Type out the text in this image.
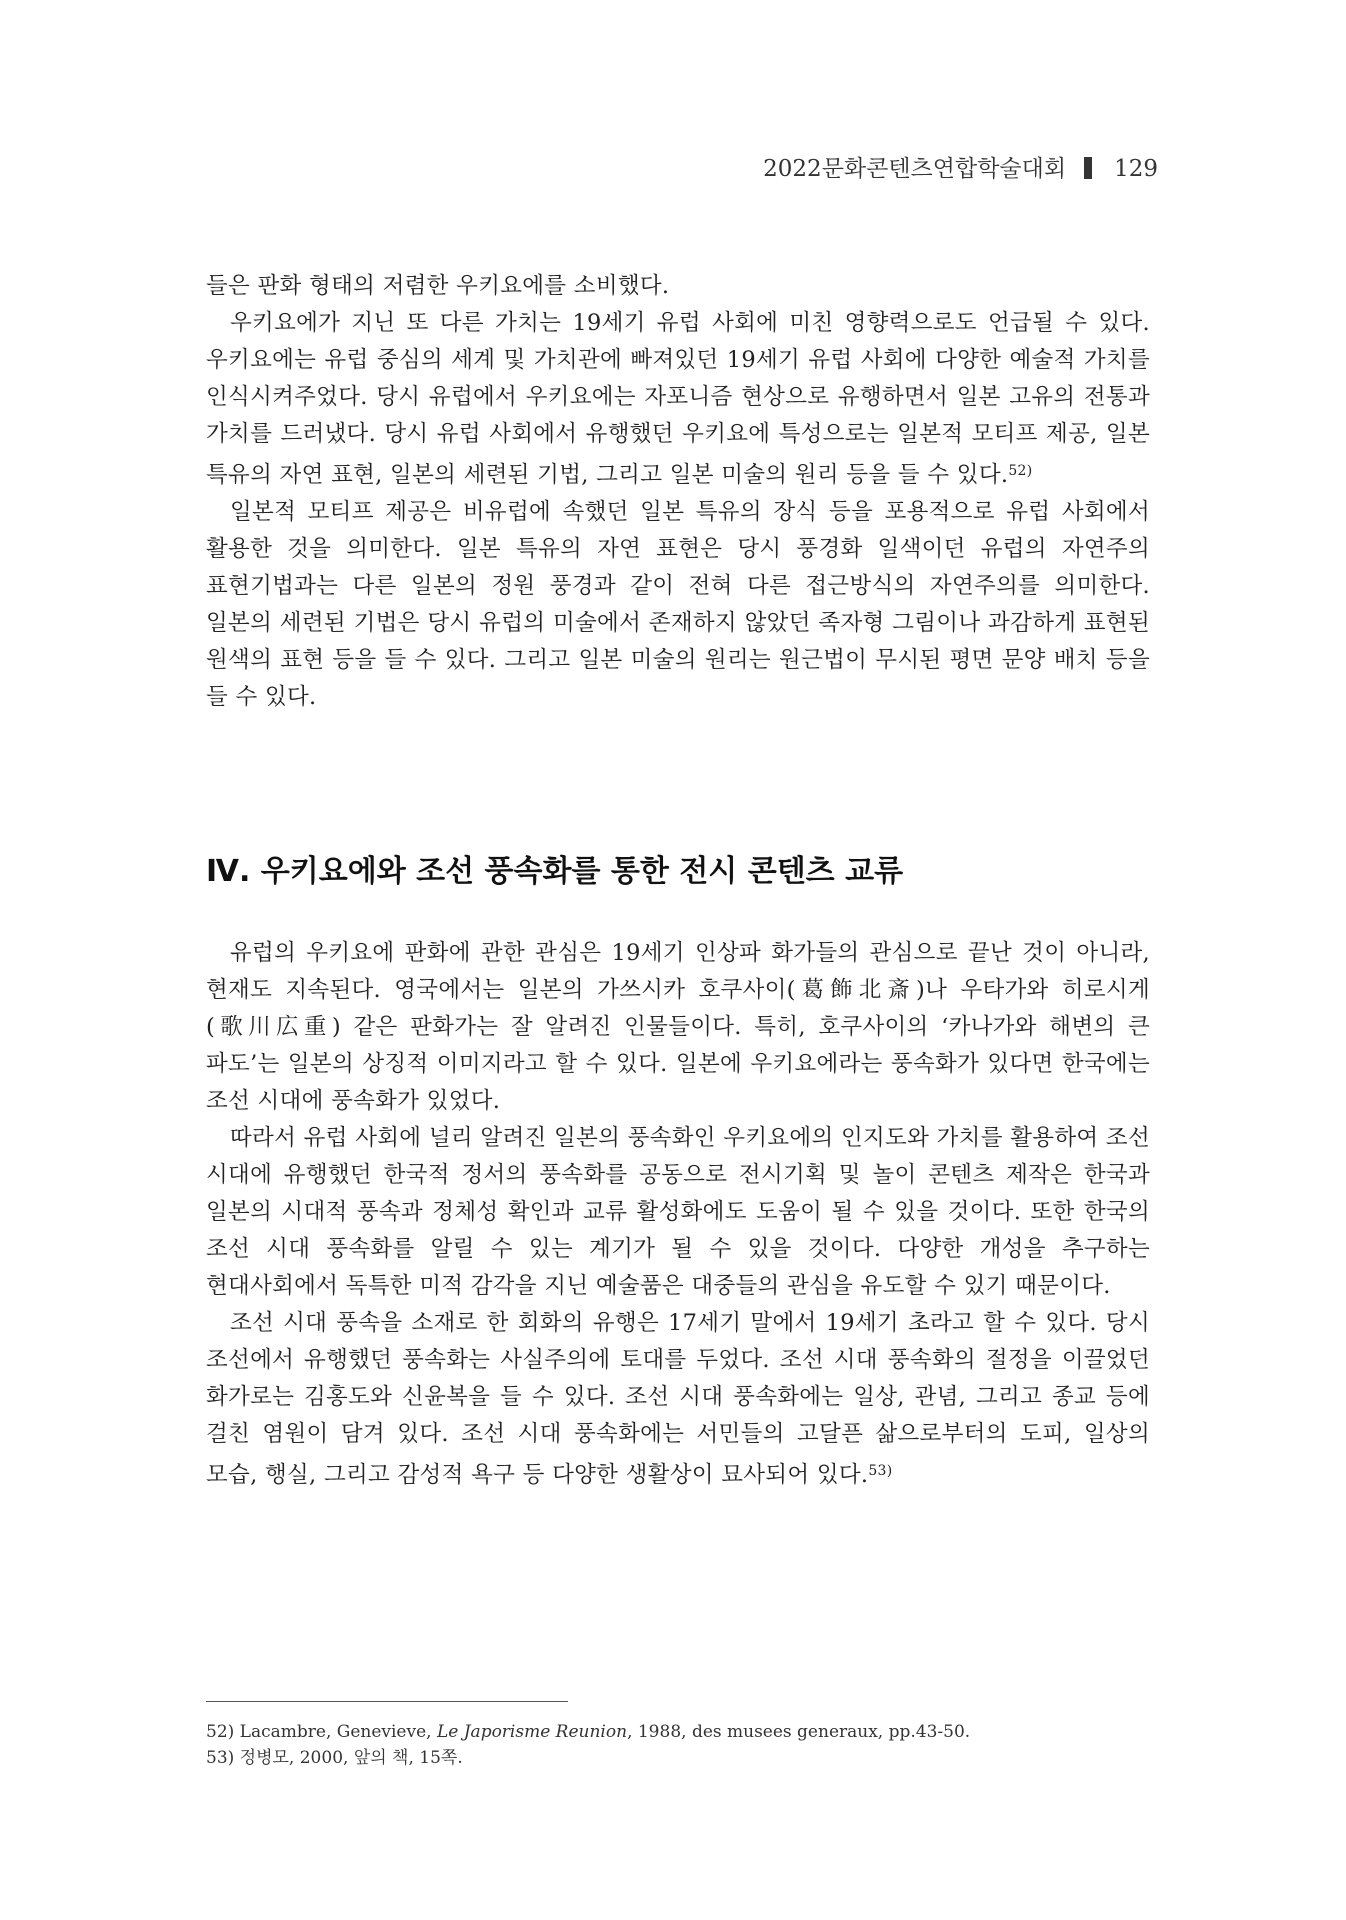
2022문화콘텐츠연합학술대회 129

들은 판화 형태의 저렴한 우키요에를 소비했다.

우키요에가 지닌 또 다른 가치는 19세기 유럽 사회에 미친 영향력으로도 언급될 수 있다. 우키요에는 유럽 중심의 세계 및 가치관에 빠져있던 19세기 유럽 사회에 다양한 예술적 가치를 인식시켜주었다. 당시 유럽에서 우키요에는 자포니즘 현상으로 유행하면서 일본 고유의 전통과 가치를 드러냈다. 당시 유럽 사회에서 유행했던 우키요에 특성으로는 일본적 모티프 제공, 일본 특유의 자연 표현, 일본의 세련된 기법, 그리고 일본 미술의 원리 등을 들 수 있다.$^{52)}$

일본적 모티프 제공은 비유럽에 속했던 일본 특유의 장식 등을 포용적으로 유럽 사회에서 활용한 것을 의미한다. 일본 특유의 자연 표현은 당시 풍경화 일색이던 유럽의 자연주의 표현기법과는 다른 일본의 정원 풍경과 같이 전혀 다른 접근방식의 자연주의를 의미한다. 일본의 세련된 기법은 당시 유럽의 미술에서 존재하지 않았던 족자형 그림이나 과감하게 표현된 원색의 표현 등을 들 수 있다. 그리고 일본 미술의 원리는 원근법이 무시된 평면 문양 배치 등을 들 수 있다.

Ⅳ. 우키요에와 조선 풍속화를 통한 전시 콘텐츠 교류

유럽의 우키요에 판화에 관한 관심은 19세기 인상파 화가들의 관심으로 끝난 것이 아니라, 현재도 지속된다. 영국에서는 일본의 가쓰시카 호쿠사이(葛飾北斎)나 우타가와 히로시게(歌川広重) 같은 판화가는 잘 알려진 인물들이다. 특히, 호쿠사이의 ‘카나가와 해변의 큰 파도’는 일본의 상징적 이미지라고 할 수 있다. 일본에 우키요에라는 풍속화가 있다면 한국에는 조선 시대에 풍속화가 있었다.

따라서 유럽 사회에 널리 알려진 일본의 풍속화인 우키요에의 인지도와 가치를 활용하여 조선 시대에 유행했던 한국적 정서의 풍속화를 공동으로 전시기획 및 놀이 콘텐츠 제작은 한국과 일본의 시대적 풍속과 정체성 확인과 교류 활성화에도 도움이 될 수 있을 것이다. 또한 한국의 조선 시대 풍속화를 알릴 수 있는 계기가 될 수 있을 것이다. 다양한 개성을 추구하는 현대사회에서 독특한 미적 감각을 지닌 예술품은 대중들의 관심을 유도할 수 있기 때문이다.

조선 시대 풍속을 소재로 한 회화의 유행은 17세기 말에서 19세기 초라고 할 수 있다. 당시 조선에서 유행했던 풍속화는 사실주의에 토대를 두었다. 조선 시대 풍속화의 절정을 이끌었던 화가로는 김홍도와 신윤복을 들 수 있다. 조선 시대 풍속화에는 일상, 관념, 그리고 종교 등에 걸친 염원이 담겨 있다. 조선 시대 풍속화에는 서민들의 고달픈 삶으로부터의 도피, 일상의 모습, 행실, 그리고 감성적 욕구 등 다양한 생활상이 묘사되어 있다.$^{53)}$

52) Lacambre, Genevieve, Le Japorisme Reunion, 1988, des musees generaux, pp.43-50.

53) 정병모, 2000, 앞의 책, 15쪽.
